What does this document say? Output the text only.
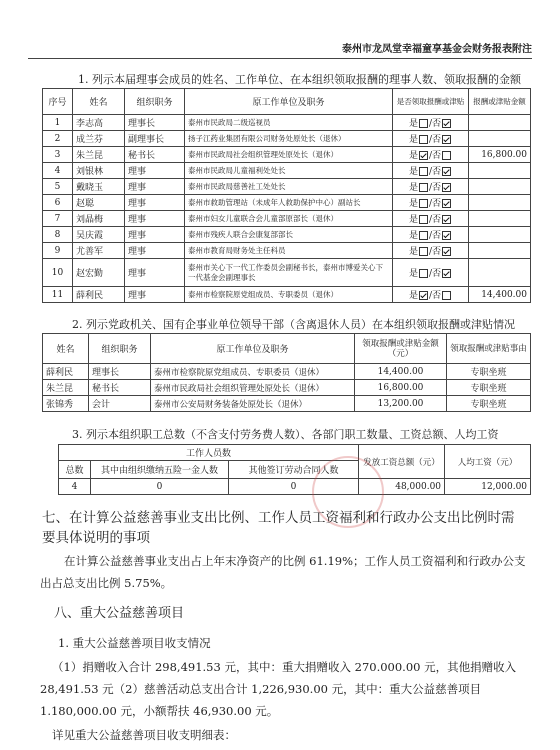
泰州市龙凤堂幸福童享基金会财务报表附注
1. 列示本届理事会成员的姓名、工作单位、在本组织领取报酬的理事人数、领取报酬的金额
序号	姓名	组织职务	原工作单位及职务	是否领取报酬或津贴	报酬或津贴金额
1	李志高	理事长	泰州市民政局二级巡视员	是 /否	
2	成兰芬	副理事长	扬子江药业集团有限公司财务处原处长（退休）	是 /否	
3	朱兰昆	秘书长	泰州市民政局社会组织管理处原处长（退休）	是 /否	16,800.00
4	刘银林	理事	泰州市民政局儿童福利处处长	是 /否	
5	戴晓玉	理事	泰州市民政局慈善社工处处长	是 /否	
6	赵聪	理事	泰州市救助管理站（未成年人救助保护中心）副站长	是 /否	
7	刘晶梅	理事	泰州市妇女儿童联合会儿童部原部长（退休）	是 /否	
8	吴庆霞	理事	泰州市残疾人联合会康复部部长	是 /否	
9	尤善军	理事	泰州市教育局财务处主任科员	是 /否	
10	赵宏勤	理事	泰州市关心下一代工作委员会副秘书长，泰州市博爱关心下一代基金会副理事长	是 /否	
11	薛利民	理事	泰州市检察院原党组成员、专职委员（退休）	是 /否	14,400.00
2. 列示党政机关、国有企事业单位领导干部（含离退休人员）在本组织领取报酬或津贴情况
姓名	组织职务	原工作单位及职务	领取报酬或津贴金额（元）	领取报酬或津贴事由
薛利民	理事长	泰州市检察院原党组成员、专职委员（退休）	14,400.00	专职坐班
朱兰昆	秘书长	泰州市民政局社会组织管理处原处长（退休）	16,800.00	专职坐班
张锦秀	会计	泰州市公安局财务装备处原处长（退休）	13,200.00	专职坐班
3. 列示本组织职工总数（不含支付劳务费人数）、各部门职工数量、工资总额、人均工资
工作人员数			发放工资总额（元）	人均工资（元）
总数	其中由组织缴纳五险一金人数	其他签订劳动合同人数		
4	0	0	48,000.00	12,000.00
七、在计算公益慈善事业支出比例、工作人员工资福利和行政办公支出比例时需要具体说明的事项
在计算公益慈善事业支出占上年末净资产的比例 61.19%；工作人员工资福利和行政办公支出占总支出比例 5.75%。
八、重大公益慈善项目
1. 重大公益慈善项目收支情况
（1）捐赠收入合计 298,491.53 元，其中：重大捐赠收入 270.000.00 元，其他捐赠收入 28,491.53 元（2）慈善活动总支出合计 1,226,930.00 元，其中：重大公益慈善项目 1.180,000.00 元，小额帮扶 46,930.00 元。
详见重大公益慈善项目收支明细表：
